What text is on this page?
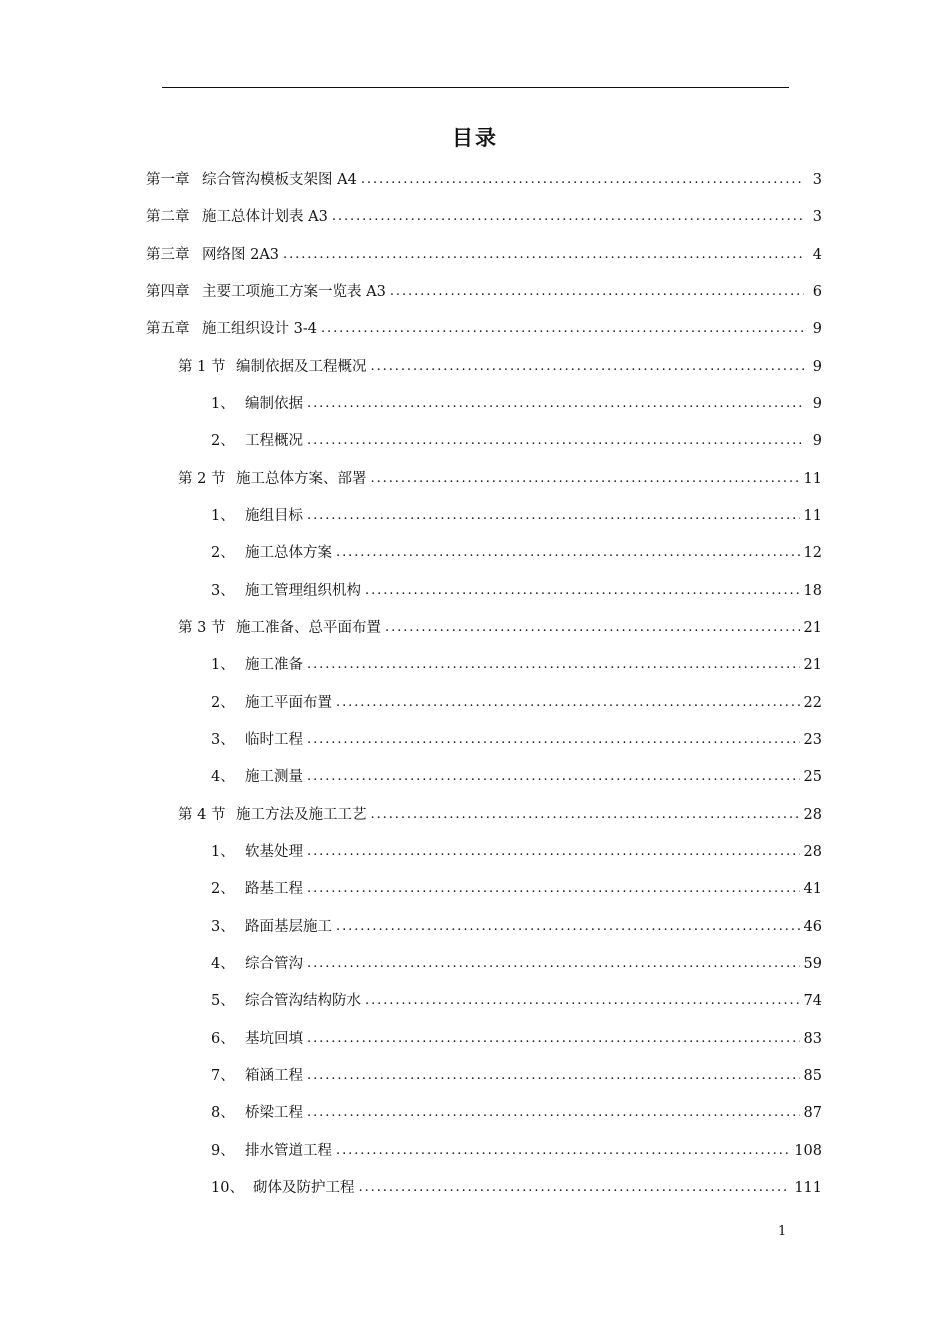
目录
第一章 综合管沟模板支架图 A4 . . .	3
第二章 施工总体计划表 A3 . . .	3
第三章 网络图 2A3 . . .	4
第四章 主要工项施工方案一览表 A3 . . .	6
第五章 施工组织设计 3-4 . . .	9
第 1 节 编制依据及工程概况 . . .	9
1、 编制依据 . . .	9
2、 工程概况 . . .	9
第 2 节 施工总体方案、部署 . . .	11
1、 施组目标 . . .	11
2、 施工总体方案 . . .	12
3、 施工管理组织机构 . . .	18
第 3 节 施工准备、总平面布置 . . .	21
1、 施工准备 . . .	21
2、 施工平面布置 . . .	22
3、 临时工程 . . .	23
4、 施工测量 . . .	25
第 4 节 施工方法及施工工艺 . . .	28
1、 软基处理 . . .	28
2、 路基工程 . . .	41
3、 路面基层施工 . . .	46
4、 综合管沟 . . .	59
5、 综合管沟结构防水 . . .	74
6、 基坑回填 . . .	83
7、 箱涵工程 . . .	85
8、 桥梁工程 . . .	87
9、 排水管道工程 . . .	108
10、 砌体及防护工程 . . .	111
1
